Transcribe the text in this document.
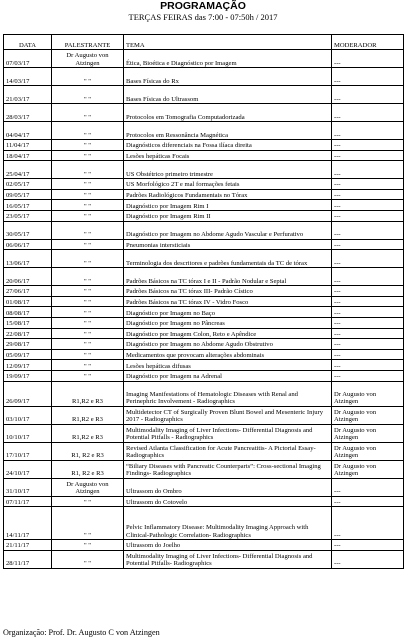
PROGRAMAÇÃO
TERÇAS FEIRAS das 7:00 - 07:50h / 2017
DATA	PALESTRANTE	TEMA	MODERADOR
07/03/17	Dr Augusto von Atzingen	Ética, Bioética e Diagnóstico por Imagem	---
14/03/17	" "	Bases Físicas do Rx	---
21/03/17	" "	Bases Físicas do Ultrassom	---
28/03/17	" "	Protocolos em Tomografia Computadorizada	---
04/04/17	" "	Protocolos em Ressonância Magnética	---
11/04/17	" "	Diagnósticos diferenciais na Fossa ilíaca direita	---
18/04/17	" "	Lesões hepáticas Focais	---
25/04/17	" "	US Obstétrico primeiro trimestre	---
02/05/17	" "	US Morfológico 2T e mal formações fetais	---
09/05/17	" "	Padrões Radiológicos Fundamentais no Tórax	---
16/05/17	" "	Diagnóstico por Imagem Rim I	---
23/05/17	" "	Diagnóstico por Imagem Rim II	---
30/05/17	" "	Diagnóstico por Imagem no Abdome Agudo Vascular e Perfurativo	---
06/06/17	" "	Pneumonias intersticiais	---
13/06/17	" "	Terminologia dos descritores e padrões fundamentais da TC de tórax	---
20/06/17	" "	Padrões Básicos na TC tórax I e II - Padrão Nodular e Septal	---
27/06/17	" "	Padrões Básicos na TC tórax III- Padrão Cístico	---
01/08/17	" "	Padrões Básicos na TC tórax IV - Vidro Fosco	---
08/08/17	" "	Diagnóstico por Imagem no Baço	---
15/08/17	" "	Diagnóstico por Imagem no Pâncreas	---
22/08/17	" "	Diagnóstico por Imagem Colon, Reto e Apêndice	---
29/08/17	" "	Diagnóstico por Imagem no Abdome Agudo Obstrutivo	---
05/09/17	" "	Medicamentos que provocam alterações abdominais	---
12/09/17	" "	Lesões hepáticas difusas	---
19/09/17	" "	Diagnóstico por Imagem na Adrenal	---
26/09/17	R1,R2 e R3	Imaging Manifestations of Hematologic Diseases with Renal and Perinephric Involvement - Radiographics	Dr Augusto von Atzingen
03/10/17	R1,R2 e R3	Multidetector CT of Surgically Proven Blunt Bowel and Mesenteric Injury 2017 - Radiographics	Dr Augusto von Atzingen
10/10/17	R1,R2 e R3	Multimodality Imaging of Liver Infections- Differential Diagnosis and Potential Pitfalls - Radiographics	Dr Augusto von Atzingen
17/10/17	R1, R2 e R3	Revised Atlanta Classification for Acute Pancreatitis- A Pictorial Essay- Radiographics	Dr Augusto von Atzingen
24/10/17	R1, R2 e R3	“Biliary Diseases with Pancreatic Counterparts”: Cross-sectional Imaging Findings- Radiographics	Dr Augusto von Atzingen
31/10/17	Dr Augusto von Atzingen	Ultrassom do Ombro	---
07/11/17	" "	Ultrassom do Cotovelo	---
14/11/17	" "	Pelvic Inflammatory Disease: Multimodality Imaging Approach with Clinical-Pathologic Correlation- Radiographics	---
21/11/17	" "	Ultrassom do Joelho	---
28/11/17	" "	Multimodality Imaging of Liver Infections- Differential Diagnosis and Potential Pitfalls- Radiographics	---
Organização: Prof. Dr. Augusto C von Atzingen
